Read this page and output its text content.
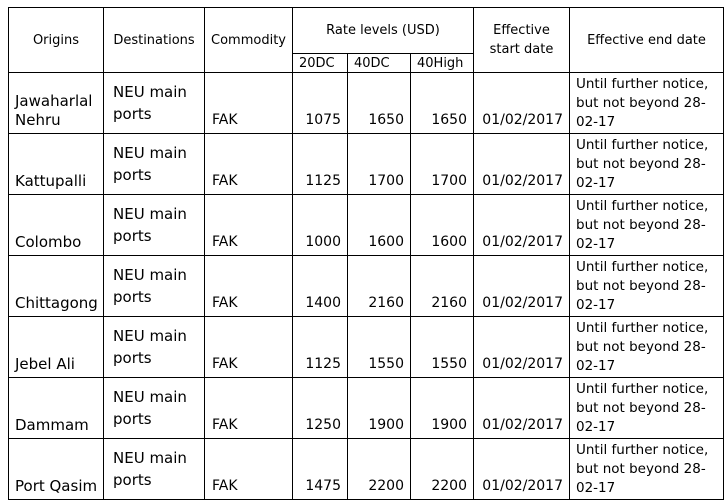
Origins	Destinations	Commodity	Rate levels (USD)			Effective start date	Effective end date
			20DC	40DC	40High		
Jawaharlal Nehru	NEU main ports	FAK	1075	1650	1650	01/02/2017	Until further notice, but not beyond 28-02-17
Kattupalli	NEU main ports	FAK	1125	1700	1700	01/02/2017	Until further notice, but not beyond 28-02-17
Colombo	NEU main ports	FAK	1000	1600	1600	01/02/2017	Until further notice, but not beyond 28-02-17
Chittagong	NEU main ports	FAK	1400	2160	2160	01/02/2017	Until further notice, but not beyond 28-02-17
Jebel Ali	NEU main ports	FAK	1125	1550	1550	01/02/2017	Until further notice, but not beyond 28-02-17
Dammam	NEU main ports	FAK	1250	1900	1900	01/02/2017	Until further notice, but not beyond 28-02-17
Port Qasim	NEU main ports	FAK	1475	2200	2200	01/02/2017	Until further notice, but not beyond 28-02-17
